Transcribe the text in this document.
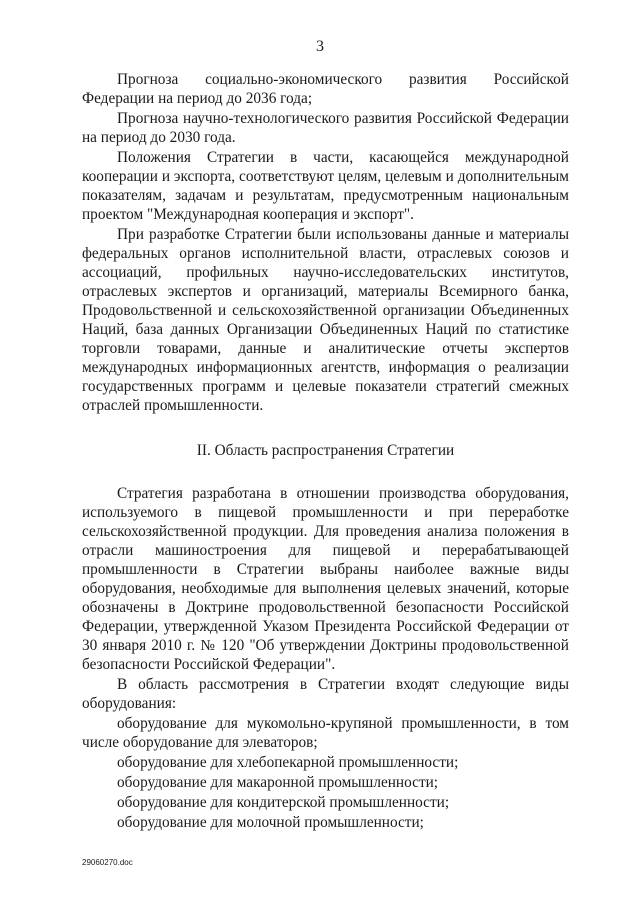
3

Прогноза социально-экономического развития Российской Федерации на период до 2036 года;

Прогноза научно-технологического развития Российской Федерации на период до 2030 года.

Положения Стратегии в части, касающейся международной кооперации и экспорта, соответствуют целям, целевым и дополнительным показателям, задачам и результатам, предусмотренным национальным проектом "Международная кооперация и экспорт".

При разработке Стратегии были использованы данные и материалы федеральных органов исполнительной власти, отраслевых союзов и ассоциаций, профильных научно-исследовательских институтов, отраслевых экспертов и организаций, материалы Всемирного банка, Продовольственной и сельскохозяйственной организации Объединенных Наций, база данных Организации Объединенных Наций по статистике торговли товарами, данные и аналитические отчеты экспертов международных информационных агентств, информация о реализации государственных программ и целевые показатели стратегий смежных отраслей промышленности.

II. Область распространения Стратегии

Стратегия разработана в отношении производства оборудования, используемого в пищевой промышленности и при переработке сельскохозяйственной продукции. Для проведения анализа положения в отрасли машиностроения для пищевой и перерабатывающей промышленности в Стратегии выбраны наиболее важные виды оборудования, необходимые для выполнения целевых значений, которые обозначены в Доктрине продовольственной безопасности Российской Федерации, утвержденной Указом Президента Российской Федерации от 30 января 2010 г. № 120 "Об утверждении Доктрины продовольственной безопасности Российской Федерации".

В область рассмотрения в Стратегии входят следующие виды оборудования:

оборудование для мукомольно-крупяной промышленности, в том числе оборудование для элеваторов;

оборудование для хлебопекарной промышленности;

оборудование для макаронной промышленности;

оборудование для кондитерской промышленности;

оборудование для молочной промышленности;

29060270.doc
